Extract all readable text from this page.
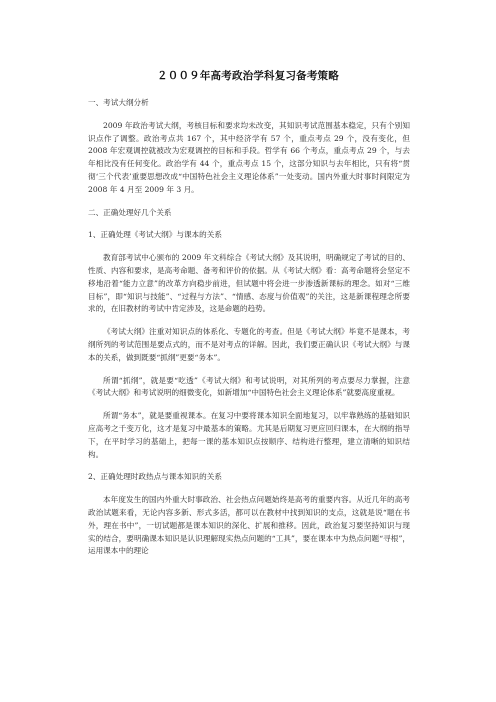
２００９年高考政治学科复习备考策略
一、考试大纲分析
2009 年政治考试大纲，考核目标和要求均未改变，其知识考试范围基本稳定，只有个别知识点作了调整。政治考点共 167 个，其中经济学有 57 个，重点考点 29 个，没有变化，但 2008 年宏观调控就被改为宏观调控的目标和手段。哲学有 66 个考点，重点考点 29 个，与去年相比没有任何变化。政治学有 44 个，重点考点 15 个，这部分知识与去年相比，只有将“贯彻‘三个代表’重要思想改成“中国特色社会主义理论体系”一处变动。国内外重大时事时间限定为 2008 年 4 月至 2009 年 3 月。
二、正确处理好几个关系
1、正确处理《考试大纲》与课本的关系
教育部考试中心颁布的 2009 年文科综合《考试大纲》及其说明，明确规定了考试的目的、性质、内容和要求，是高考命题、备考和评价的依据。从《考试大纲》看：高考命题将会坚定不移地沿着“能力立意”的改革方向稳步前进，但试题中将会进一步渗透新课标的理念。如对“三维目标”，即“知识与技能”、“过程与方法”、“情感、态度与价值观”的关注，这是新课程理念所要求的，在旧教材的考试中肯定涉及，这是命题的趋势。
《考试大纲》注重对知识点的体系化、专题化的考查。但是《考试大纲》毕竟不是课本，考纲所列的考试范围是要点式的，而不是对考点的详解。因此，我们要正确认识《考试大纲》与课本的关系，做到既要“抓纲”更要“务本”。
所谓“抓纲”，就是要“吃透”《考试大纲》和考试说明，对其所列的考点要尽力掌握，注意《考试大纲》和考试说明的细微变化，如新增加“中国特色社会主义理论体系”就要高度重视。
所谓“务本”，就是要重视课本。在复习中要将课本知识全面地复习，以牢靠熟练的基础知识应高考之千变万化，这才是复习中最基本的策略。尤其是后期复习更应回归课本，在大纲的指导下，在平时学习的基础上，把每一课的基本知识点按顺序、结构进行整理，建立清晰的知识结构。
2、正确处理时政热点与课本知识的关系
本年度发生的国内外重大时事政治、社会热点问题始终是高考的重要内容。从近几年的高考政治试题来看，无论内容多新、形式多活，都可以在教材中找到知识的支点，这就是说“题在书外，理在书中”，一切试题都是课本知识的深化、扩展和推移。因此，政治复习要坚持知识与现实的结合，要明确课本知识是认识理解现实热点问题的“工具”，要在课本中为热点问题“寻根”，运用课本中的理论
